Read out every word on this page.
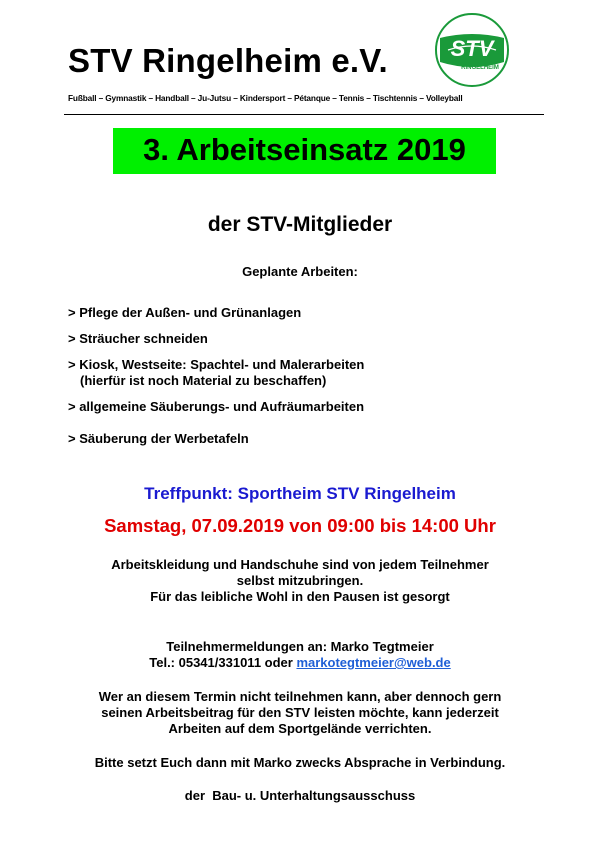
STV Ringelheim e.V.
Fußball – Gymnastik – Handball – Ju-Jutsu – Kindersport – Pétanque – Tennis – Tischtennis – Volleyball
STV
RINGELHEIM
3. Arbeitseinsatz 2019
der STV-Mitglieder
Geplante Arbeiten:
> Pflege der Außen- und Grünanlagen
> Sträucher schneiden
> Kiosk, Westseite: Spachtel- und Malerarbeiten
(hierfür ist noch Material zu beschaffen)
> allgemeine Säuberungs- und Aufräumarbeiten
> Säuberung der Werbetafeln
Treffpunkt: Sportheim STV Ringelheim
Samstag, 07.09.2019 von 09:00 bis 14:00 Uhr
Arbeitskleidung und Handschuhe sind von jedem Teilnehmer
selbst mitzubringen.
Für das leibliche Wohl in den Pausen ist gesorgt
Teilnehmermeldungen an: Marko Tegtmeier
Tel.: 05341/331011 oder markotegtmeier@web.de
Wer an diesem Termin nicht teilnehmen kann, aber dennoch gern
seinen Arbeitsbeitrag für den STV leisten möchte, kann jederzeit
Arbeiten auf dem Sportgelände verrichten.
Bitte setzt Euch dann mit Marko zwecks Absprache in Verbindung.
der  Bau- u. Unterhaltungsausschuss
